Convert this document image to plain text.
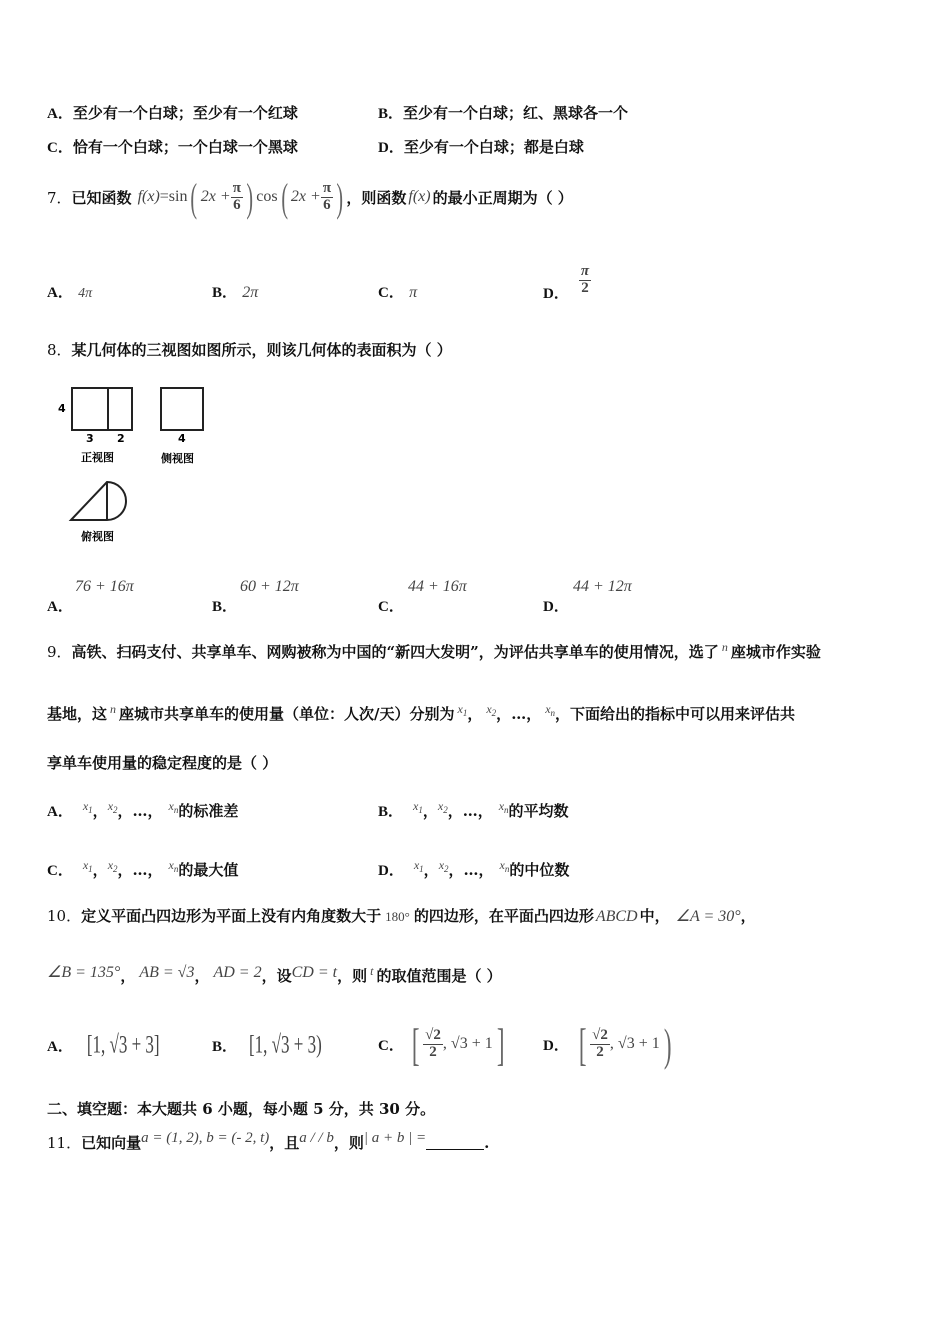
A．至少有一个白球；至少有一个红球	B．至少有一个白球；红、黑球各一个
C．恰有一个白球；一个白球一个黑球	D．至少有一个白球；都是白球
7． 已知函数 f(x) =sin ( $2x + \frac{\pi}{6}$ ) cos ( $2x + \frac{\pi}{6}$ ) ，则函数 f(x) 的最小正周期为（ ）
A． 4π	B． 2π	C． π	D． $\frac{\pi}{2}$
8．某几何体的三视图如图所示，则该几何体的表面积为（ ）
4
3 2
正视图
4
侧视图
俯视图
A．
76 + 16π
B．
60 + 12π
C．
44 + 16π
D．
44 + 12π
9．高铁、扫码支付、共享单车、网购被称为中国的“新四大发明”，为评估共享单车的使用情况，选了 $^n$ 座城市作实验
基地，这 $^n$ 座城市共享单车的使用量（单位：人次/天）分别为 $^{x_1}$， $^{x_2}$，…， $^{x_n}$，下面给出的指标中可以用来评估共
享单车使用量的稳定程度的是（ ）
A． $^{x_1}$，$^{x_2}$，…， $^{x_n}$的标准差	B． $^{x_1}$，$^{x_2}$，…， $^{x_n}$的平均数
C． $^{x_1}$，$^{x_2}$，…， $^{x_n}$的最大值	D． $^{x_1}$，$^{x_2}$，…， $^{x_n}$的中位数
10．定义平面凸四边形为平面上没有内角度数大于 180° 的四边形，在平面凸四边形 ABCD 中， ∠A = 30°，
∠B = 135°， AB = √3， AD = 2，设CD = t，则 $^t$ 的取值范围是（ ）
A． [1, √3 + 3]	B． [1, √3 + 3)	C． [ $\frac{√2}{2}$ , √3 + 1 ]	D． [ $\frac{√2}{2}$ , √3 + 1 )
二、填空题：本大题共 6 小题，每小题 5 分，共 30 分。
11．已知向量a = (1, 2), b = (- 2, t)，且a / / b，则| a + b | =	.
